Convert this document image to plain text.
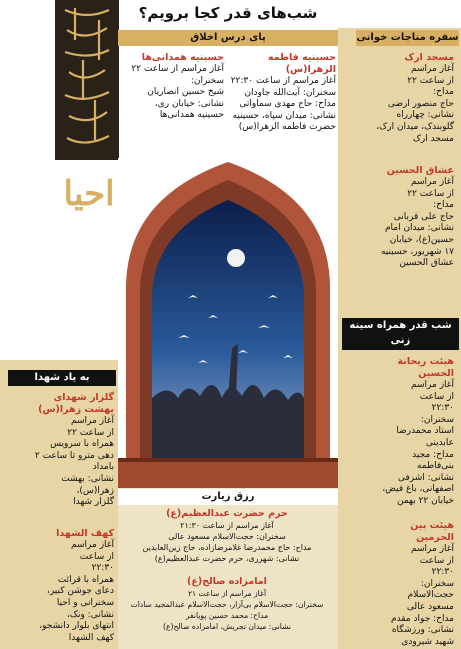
شب‌های قدر کجا برویم؟
احیا
سفره مناجات خوانی
مسجد ارک
آغاز مراسم
از ساعت ۲۲
مداح:
حاج منصور ارضی
نشانی: چهارراه
گلوبندک، میدان ارک،
مسجد ارک
عشاق الحسین
آغاز مراسم
از ساعت ۲۲
مداح:
حاج علی قربانی
نشانی: میدان امام
حسین(ع)، خیابان
۱۷ شهریور، حسینیه
عشاق الحسین
شب قدر همراه سینه زنی
هیئت ریحانة الحسین
آغاز مراسم
از ساعت
۲۲:۳۰
سخنران:
استاد محمدرضا
عابدینی
مداح: مجید
بنی‌فاطمه
نشانی: اشرفی
اصفهانی، باغ فیض،
خیابان ۲۲ بهمن
هیئت بین الحرمین
آغاز مراسم
از ساعت
۲۲:۳۰
سخنران:
حجت‌الاسلام
مسعود عالی
مداح: جواد مقدم
نشانی: ورزشگاه
شهید شیرودی
پای درس اخلاق
حسینیه فاطمه الزهرا(س)
آغاز مراسم از ساعت ۲۲:۳۰
سخنران: آیت‌الله جاودان
مداح: حاج مهدی سماواتی
نشانی: میدان سپاه، حسینیه
حضرت فاطمه الزهرا(س)
حسینیه همدانی‌ها
آغاز مراسم از ساعت ۲۲
سخنران:
شیخ حسین انصاریان
نشانی: خیابان ری،
حسینیه همدانی‌ها
به یاد شهدا
گلزار شهدای بهشت زهرا(س)
آغاز مراسم
از ساعت ۲۲
همراه با سرویس
دهی مترو تا ساعت ۲
بامداد
نشانی: بهشت
زهرا(س)،
گلزار شهدا
کهف الشهدا
آغاز مراسم
از ساعت
۲۲:۳۰
همراه با قرائت
دعای جوشن کبیر،
سخنرانی و احیا
نشانی: ونک،
انتهای بلوار دانشجو،
کهف الشهدا
رزق زیارت
حرم حضرت عبدالعظیم(ع)
آغاز مراسم از ساعت ۲۱:۳۰
سخنران: حجت‌الاسلام مسعود عالی
مداح: حاج محمدرضا غلامرضازاده، حاج زین‌العابدین
نشانی: شهرری، حرم حضرت عبدالعظیم(ع)
امامزاده صالح(ع)
آغاز مراسم از ساعت ۲۱
سخنران: حجت‌الاسلام بی‌آزار، حجت‌الاسلام عبدالمجید سادات
مداح: محمد حسین پویانفر
نشانی: میدان تجریش، امامزاده صالح(ع)
